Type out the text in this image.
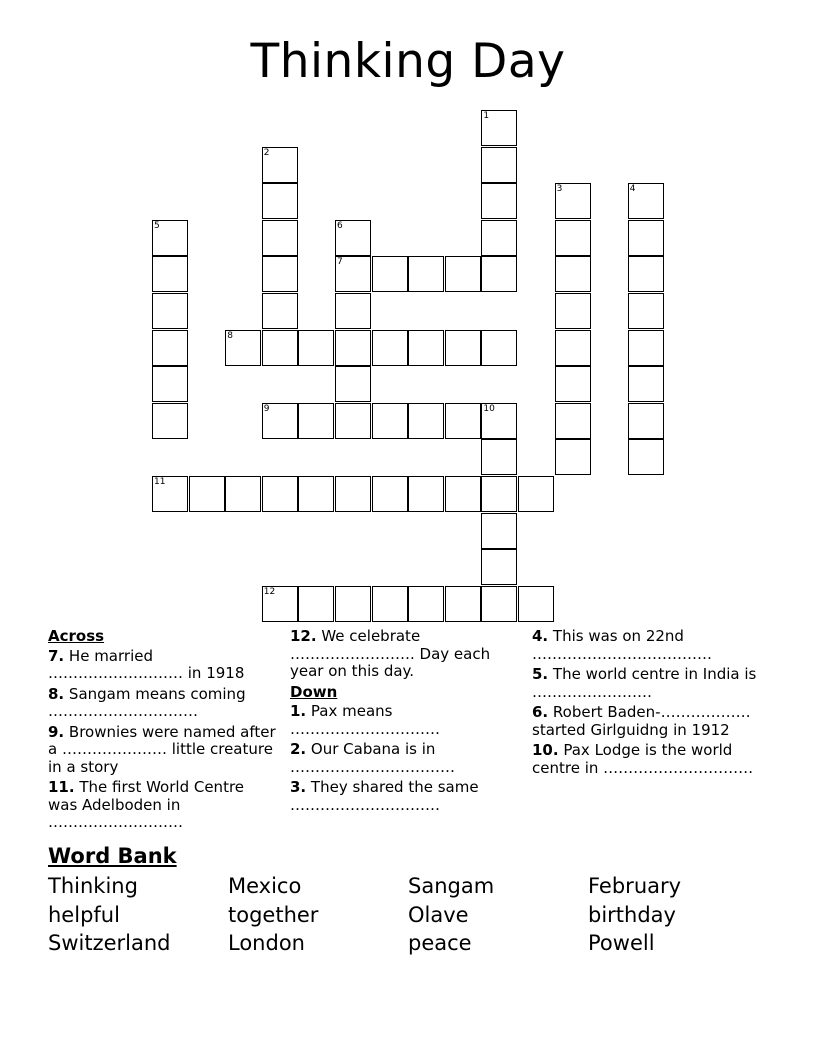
Thinking Day
1
2
3	4
5	6
7
8
9	10
11
12
Across
7. He married
……………………… in 1918
8. Sangam means coming
…………………………
9. Brownies were named after a ………………… little creature in a story
11. The first World Centre was Adelboden in
………………………
12. We celebrate ……………………. Day each year on this day.
Down
1. Pax means
…………………………
2. Our Cabana is in
……………………………
3. They shared the same
…………………………
4. This was on 22nd
………………………………
5. The world centre in India is ……………………
6. Robert Baden-……………… started Girlguidng in 1912
10. Pax Lodge is the world centre in …………………………
Word Bank
Thinking	Mexico	Sangam	February
helpful	together	Olave	birthday
Switzerland	London	peace	Powell
